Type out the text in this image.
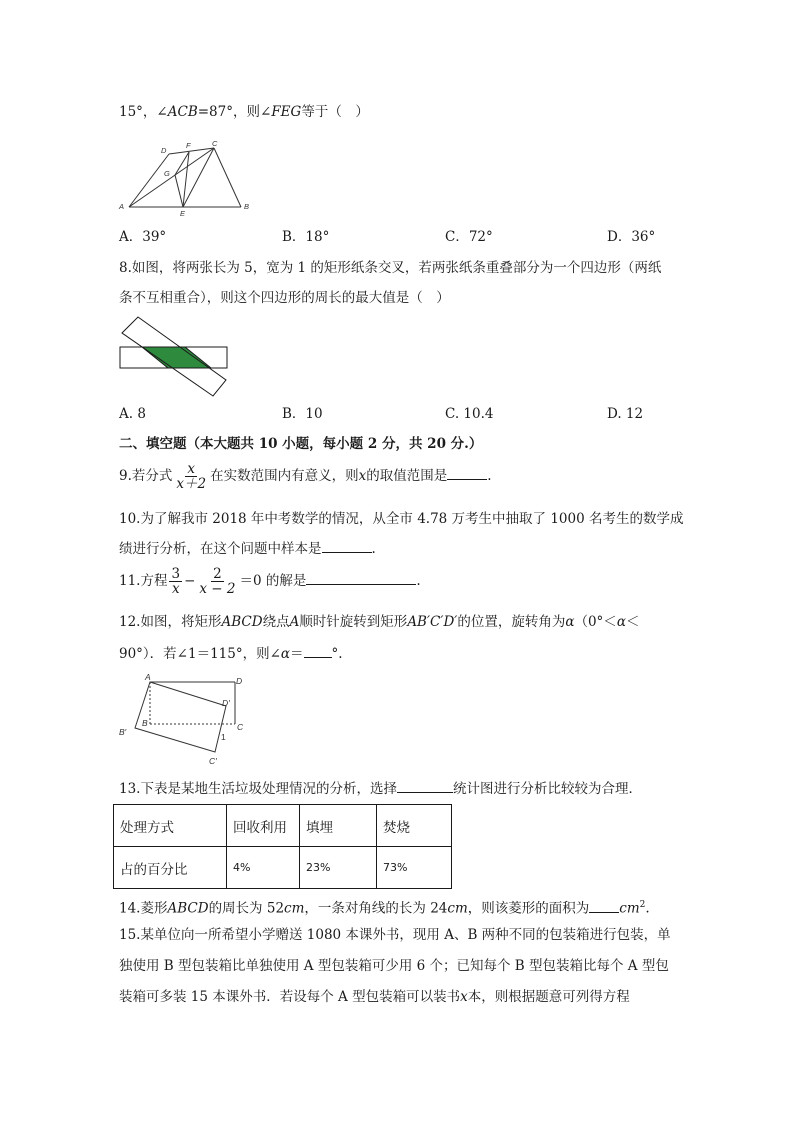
15°，∠ACB=87°，则∠FEG等于（　）
A	B
C
D
E
F
G
A．39°	B．18°	C．72°	D．36°
8.如图，将两张长为 5，宽为 1 的矩形纸条交叉，若两张纸条重叠部分为一个四边形（两纸
条不互相重合），则这个四边形的周长的最大值是（　）
A. 8	B．10	C. 10.4	D. 12
二、填空题（本大题共 10 小题，每小题 2 分，共 20 分.）
9.若分式 $\frac{x}{x+2}$ 在实数范围内有意义，则x的取值范围是	.
10.为了解我市 2018 年中考数学的情况，从全市 4.78 万考生中抽取了 1000 名考生的数学成
绩进行分析，在这个问题中样本是	.
11.方程 $\frac{3}{x} - \frac{2}{x - 2} =0$ 的解是	.
12.如图，将矩形ABCD绕点A顺时针旋转到矩形AB′C′D′的位置，旋转角为α（0°＜α＜
90°）．若∠1＝115°，则∠α＝ °.
A	D
D′
B	C
B′	1
C′
13.下表是某地生活垃圾处理情况的分析，选择	统计图进行分析比较较为合理．
处理方式	回收利用	填埋	焚烧
占的百分比	4%	23%	73%
14.菱形ABCD的周长为 52cm，一条对角线的长为 24cm，则该菱形的面积为 $cm^2$.
15.某单位向一所希望小学赠送 1080 本课外书，现用 A、B 两种不同的包装箱进行包装，单
独使用 B 型包装箱比单独使用 A 型包装箱可少用 6 个；已知每个 B 型包装箱比每个 A 型包
装箱可多装 15 本课外书．若设每个 A 型包装箱可以装书x本，则根据题意可列得方程
